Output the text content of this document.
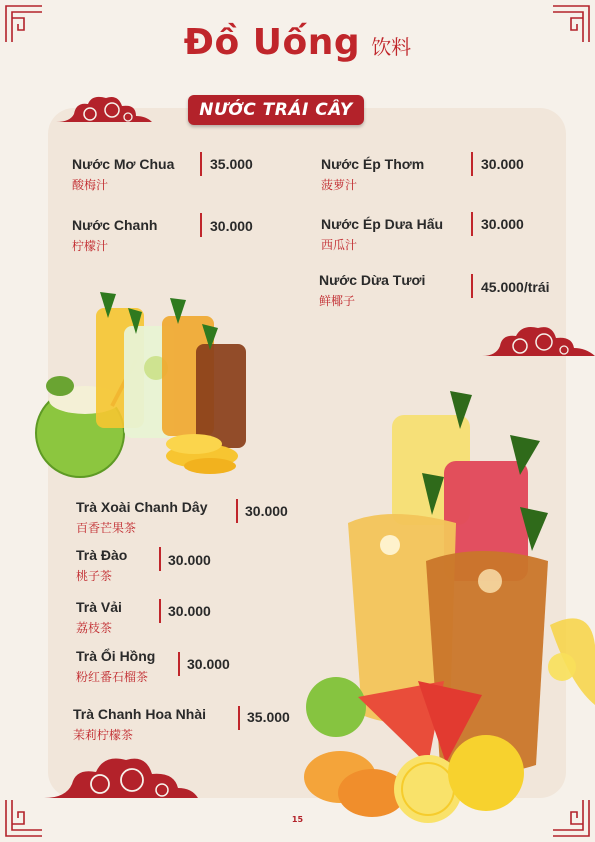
Đồ Uống 饮料
NƯỚC TRÁI CÂY
Nước Mơ Chua
酸梅汁
35.000
Nước Chanh
柠檬汁
30.000
Nước Ép Thơm
菠萝汁
30.000
Nước Ép Dưa Hấu
西瓜汁
30.000
Nước Dừa Tươi
鲜椰子
45.000/trái
Trà Xoài Chanh Dây
百香芒果茶
30.000
Trà Đào
桃子茶
30.000
Trà Vải
荔枝茶
30.000
Trà Ổi Hồng
粉红番石榴茶
30.000
Trà Chanh Hoa Nhài
茉莉柠檬茶
35.000
15
